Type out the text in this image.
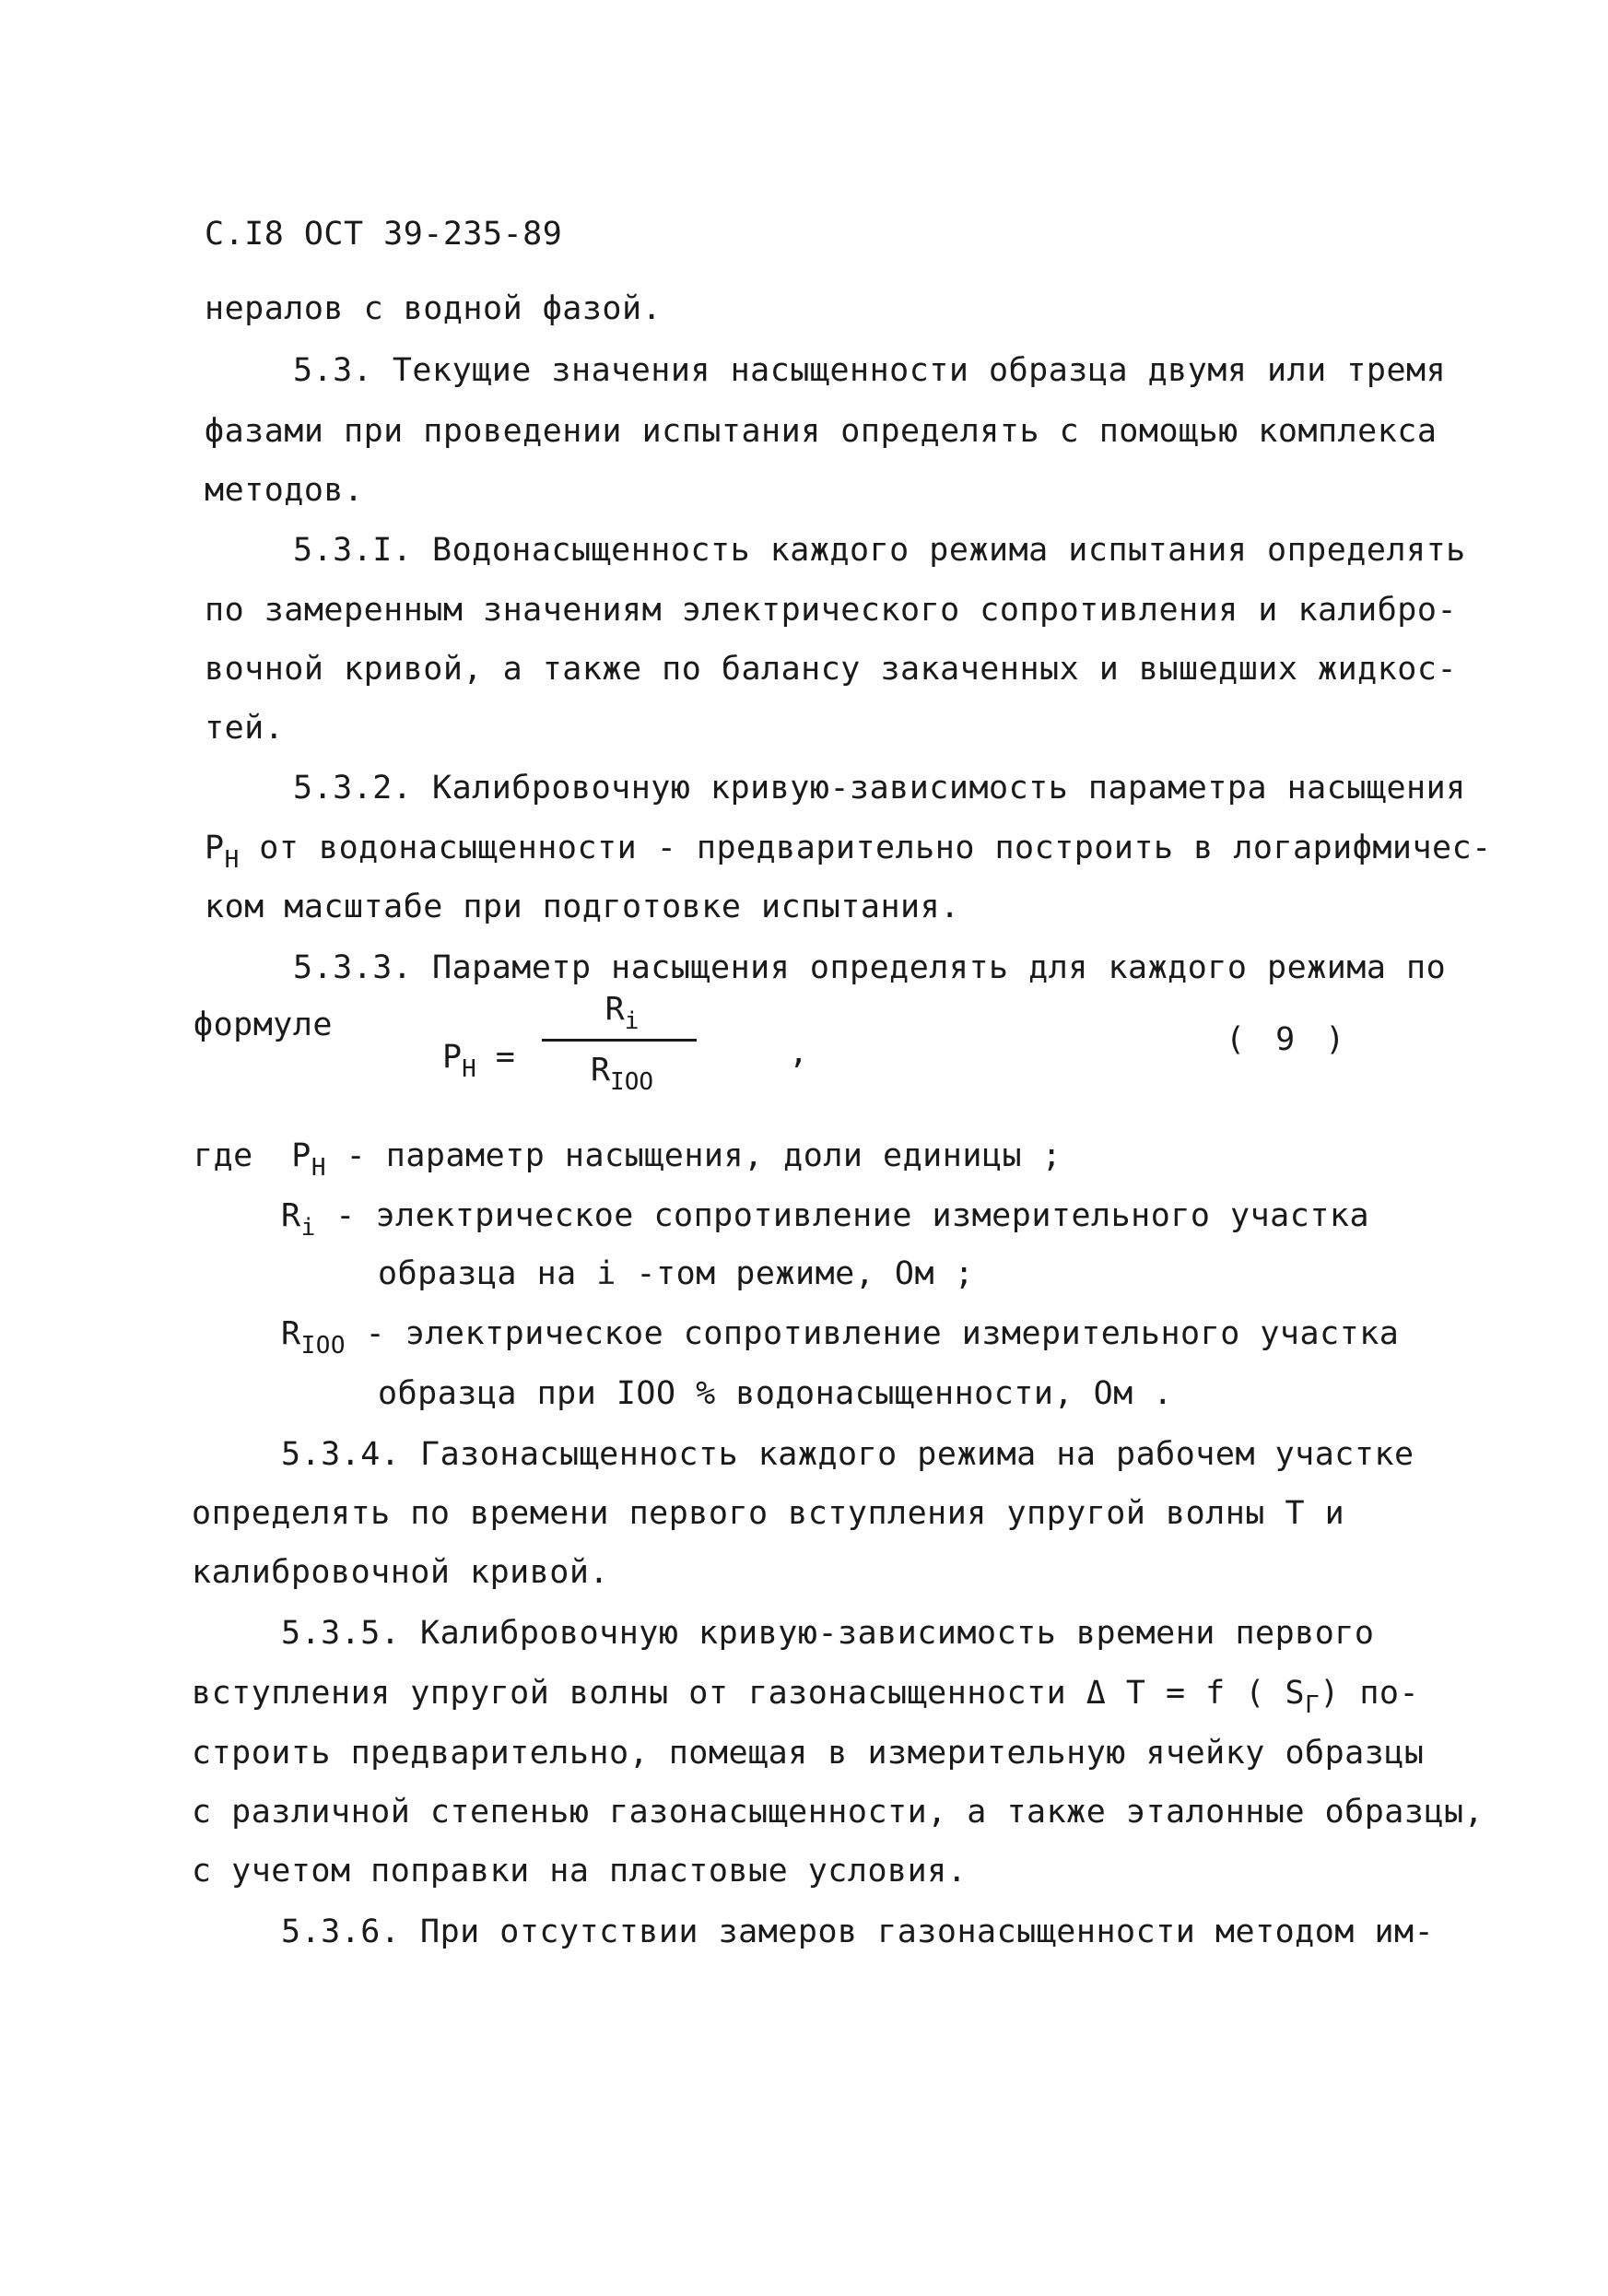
С.I8 ОСТ 39-235-89
нералов с водной фазой.
5.3. Текущие значения насыщенности образца двумя или тремя
фазами при проведении испытания определять с помощью комплекса
методов.
5.3.I. Водонасыщенность каждого режима испытания определять
по замеренным значениям электрического сопротивления и калибро-
вочной кривой, а также по балансу закаченных и вышедших жидкос-
тей.
5.3.2. Калибровочную кривую-зависимость параметра насыщения
$Р_Н$ от водонасыщенности - предварительно построить в логарифмичес-
ком масштабе при подготовке испытания.
5.3.3. Параметр насыщения определять для каждого режима по
формуле
$Р_Н$ =
$R_i$
$R_{IOO}$
,	( 9 )
где $Р_Н$ - параметр насыщения, доли единицы ;
$R_i$ - электрическое сопротивление измерительного участка
образца на i -том режиме, Ом ;
$R_{IOO}$ - электрическое сопротивление измерительного участка
образца при IOO % водонасыщенности, Ом .
5.3.4. Газонасыщенность каждого режима на рабочем участке
определять по времени первого вступления упругой волны Т и
калибровочной кривой.
5.3.5. Калибровочную кривую-зависимость времени первого
вступления упругой волны от газонасыщенности Δ Т = f ( $S_Г$) по-
строить предварительно, помещая в измерительную ячейку образцы
с различной степенью газонасыщенности, а также эталонные образцы,
с учетом поправки на пластовые условия.
5.3.6. При отсутствии замеров газонасыщенности методом им-
